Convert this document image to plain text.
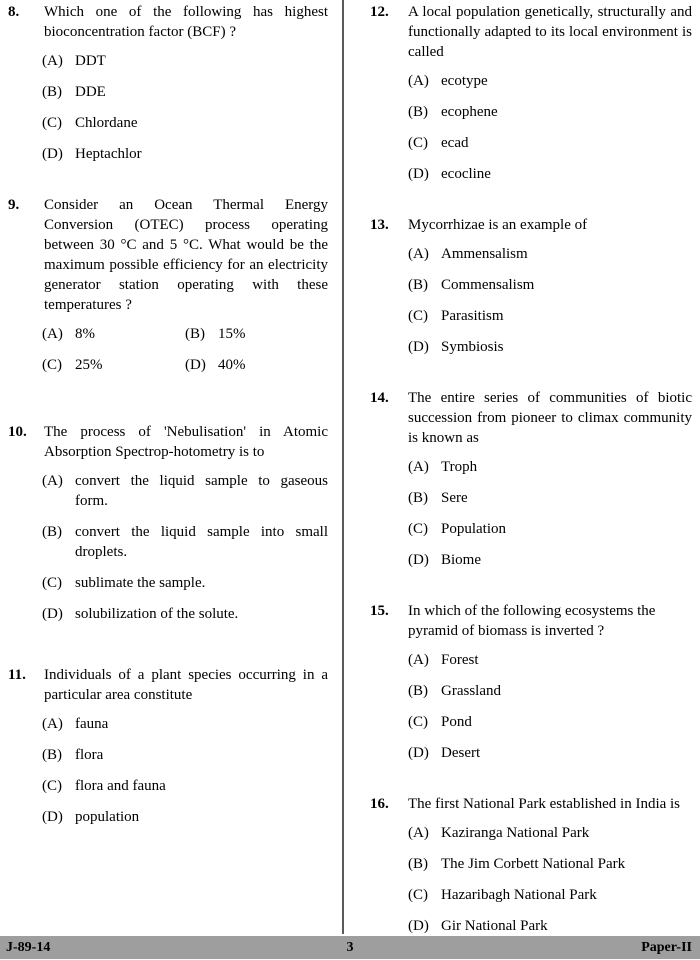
8.	Which one of the following has highest bioconcentration factor (BCF) ?
(A) DDT
(B) DDE
(C) Chlordane
(D) Heptachlor
9.	Consider an Ocean Thermal Energy Conversion (OTEC) process operating between 30 °C and 5 °C. What would be the maximum possible efficiency for an electricity generator station operating with these temperatures ?
(A) 8%	(B) 15%
(C) 25%	(D) 40%
10.	The process of 'Nebulisation' in Atomic Absorption Spectrop-hotometry is to
(A) convert the liquid sample to gaseous form.
(B) convert the liquid sample into small droplets.
(C) sublimate the sample.
(D) solubilization of the solute.
11.	Individuals of a plant species occurring in a particular area constitute
(A) fauna
(B) flora
(C) flora and fauna
(D) population
12.	A local population genetically, structurally and functionally adapted to its local environment is called
(A) ecotype
(B) ecophene
(C) ecad
(D) ecocline
13.	Mycorrhizae is an example of
(A) Ammensalism
(B) Commensalism
(C) Parasitism
(D) Symbiosis
14.	The entire series of communities of biotic succession from pioneer to climax community is known as
(A) Troph
(B) Sere
(C) Population
(D) Biome
15.	In which of the following ecosystems the pyramid of biomass is inverted ?
(A) Forest
(B) Grassland
(C) Pond
(D) Desert
16.	The first National Park established in India is
(A) Kaziranga National Park
(B) The Jim Corbett National Park
(C) Hazaribagh National Park
(D) Gir National Park
J-89-14	3	Paper-II
